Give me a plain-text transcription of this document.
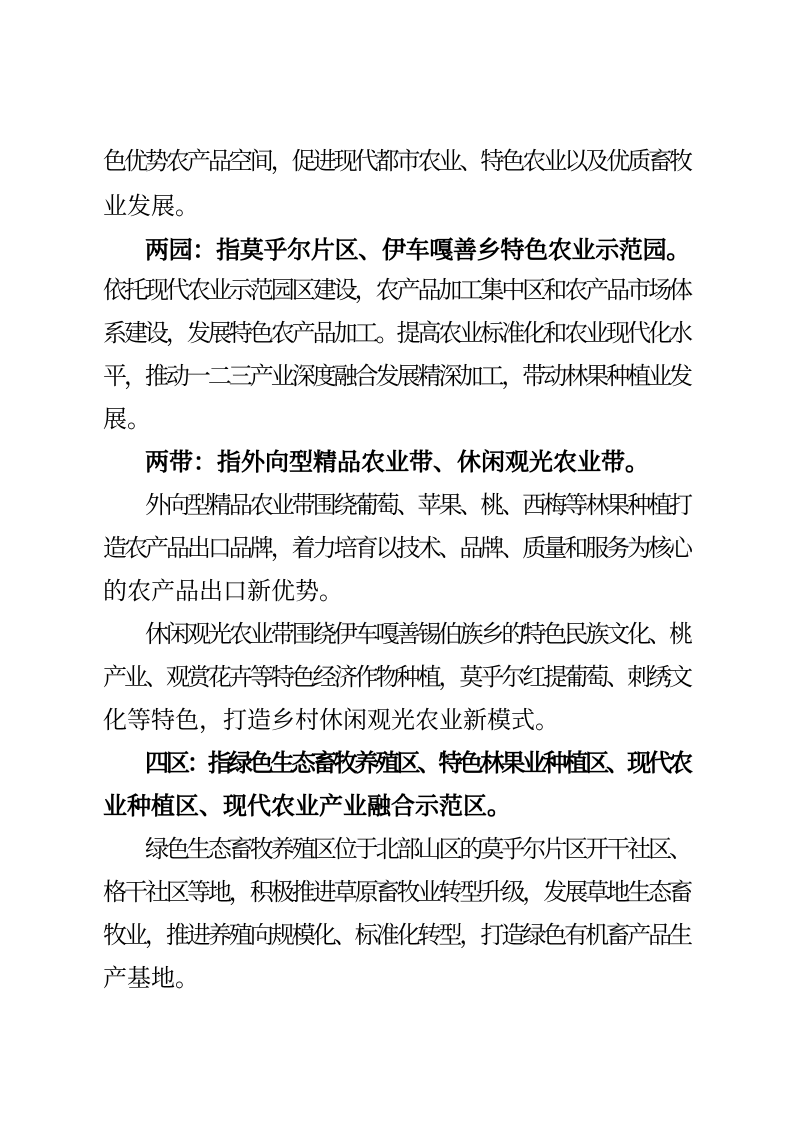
色优势农产品空间，促进现代都市农业、特色农业以及优质畜牧
业发展。
两园：指莫乎尔片区、伊车嘎善乡特色农业示范园。
依托现代农业示范园区建设，农产品加工集中区和农产品市场体
系建设，发展特色农产品加工。提高农业标准化和农业现代化水
平，推动一二三产业深度融合发展精深加工，带动林果种植业发
展。
两带：指外向型精品农业带、休闲观光农业带。
外向型精品农业带围绕葡萄、苹果、桃、西梅等林果种植打
造农产品出口品牌，着力培育以技术、品牌、质量和服务为核心
的农产品出口新优势。
休闲观光农业带围绕伊车嘎善锡伯族乡的特色民族文化、桃
产业、观赏花卉等特色经济作物种植，莫乎尔红提葡萄、刺绣文
化等特色，打造乡村休闲观光农业新模式。
四区：指绿色生态畜牧养殖区、特色林果业种植区、现代农
业种植区、现代农业产业融合示范区。
绿色生态畜牧养殖区位于北部山区的莫乎尔片区开干社区、
格干社区等地，积极推进草原畜牧业转型升级，发展草地生态畜
牧业，推进养殖向规模化、标准化转型，打造绿色有机畜产品生
产基地。
